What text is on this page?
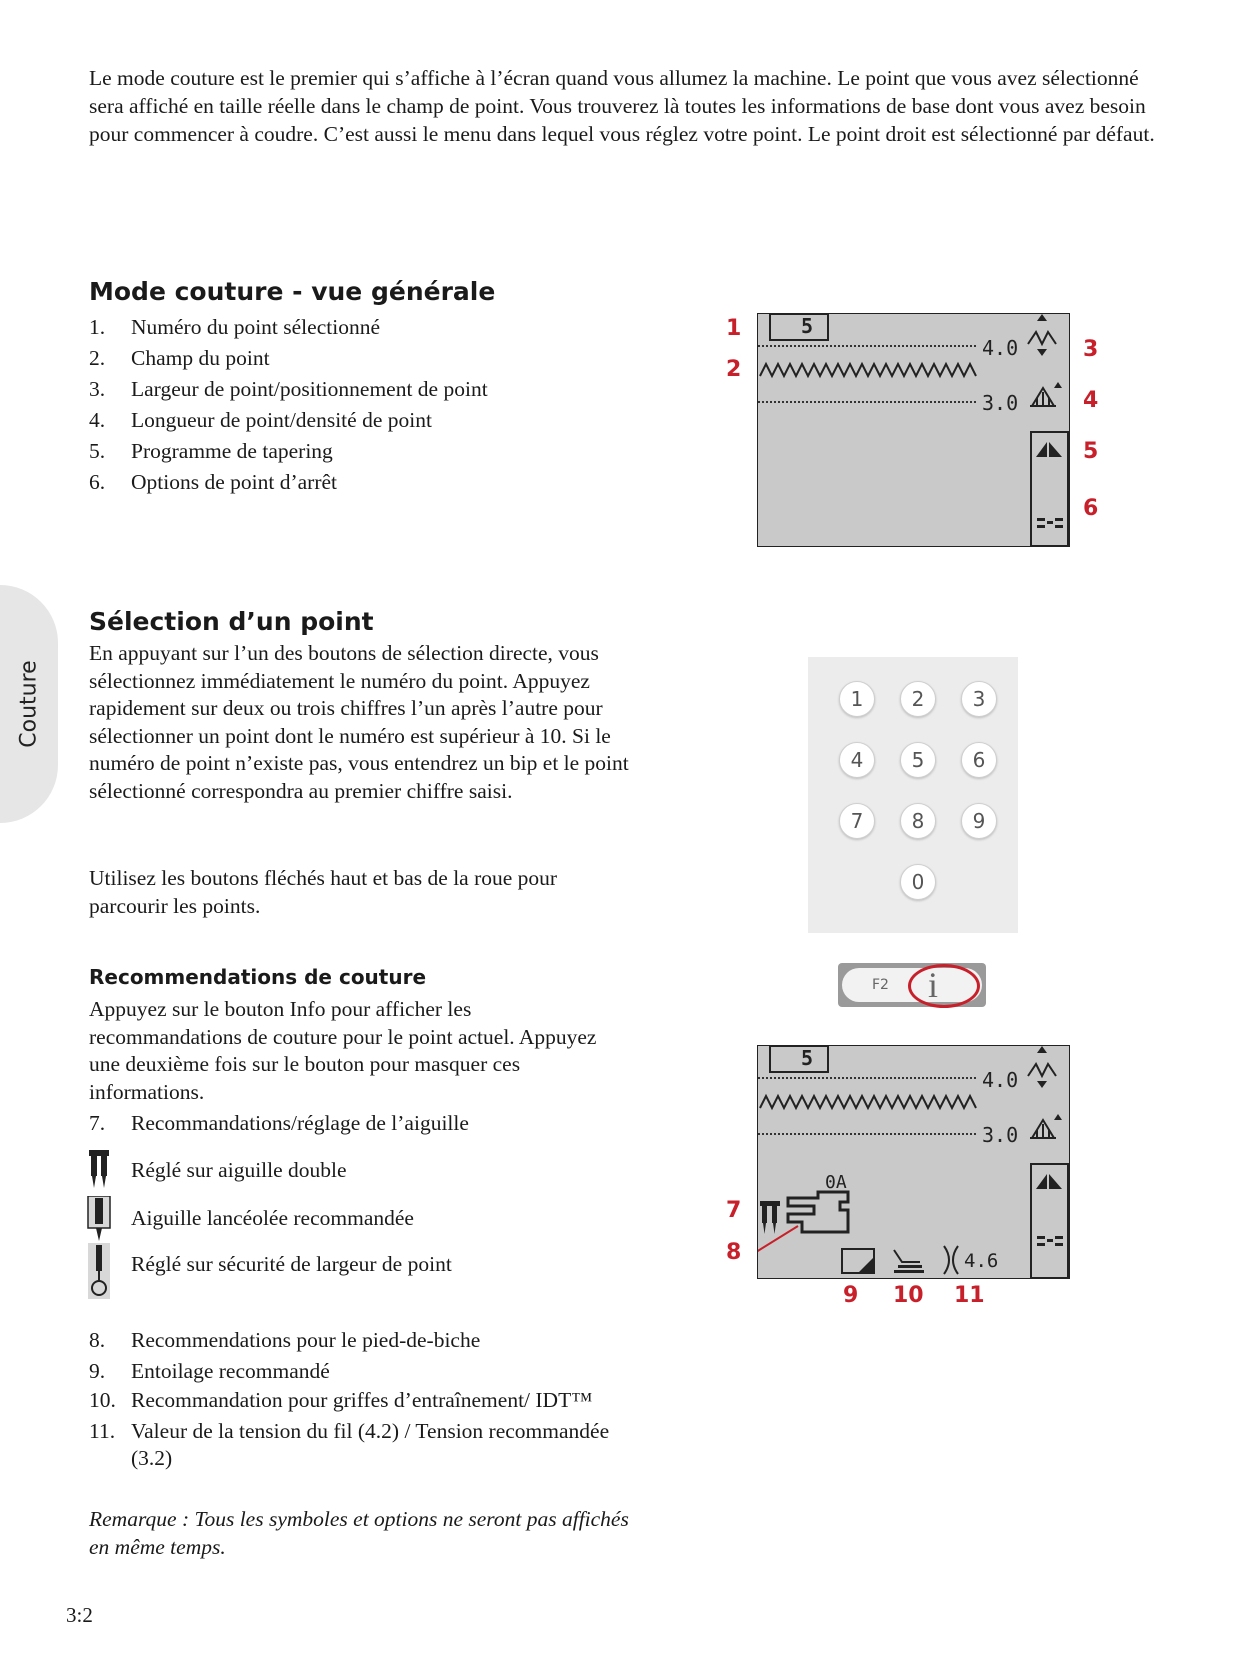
Le mode couture est le premier qui s’affiche à l’écran quand vous allumez la machine. Le point que vous avez sélectionné sera affiché en taille réelle dans le champ de point. Vous trouverez là toutes les informations de base dont vous avez besoin pour commencer à coudre. C’est aussi le menu dans lequel vous réglez votre point. Le point droit est sélectionné par défaut.

Couture
Mode couture - vue générale
1. Numéro du point sélectionné
2. Champ du point
3. Largeur de point/positionnement de point
4. Longueur de point/densité de point
5. Programme de tapering
6. Options de point d’arrêt
5
4.0
3.0
1
2
3
4
5
6
Sélection d’un point

En appuyant sur l’un des boutons de sélection directe, vous sélectionnez immédiatement le numéro du point. Appuyez rapidement sur deux ou trois chiffres l’un après l’autre pour sélectionner un point dont le numéro est supérieur à 10. Si le numéro de point n’existe pas, vous entendrez un bip et le point sélectionné correspondra au premier chiffre saisi.

Utilisez les boutons fléchés haut et bas de la roue pour parcourir les points.

1	2	3
4	5	6
7	8	9
0
Recommendations de couture

Appuyez sur le bouton Info pour afficher les recommandations de couture pour le point actuel. Appuyez une deuxième fois sur le bouton pour masquer ces informations.

7. Recommandations/réglage de l’aiguille
Réglé sur aiguille double
Aiguille lancéolée recommandée
Réglé sur sécurité de largeur de point
8. Recommendations pour le pied-de-biche
9. Entoilage recommandé
10. Recommandation pour griffes d’entraînement/ IDT™
11. Valeur de la tension du fil (4.2) / Tension recommandée (3.2)

Remarque : Tous les symboles et options ne seront pas affichés en même temps.

F2 i
5
4.0
3.0
0A
4.6
7
8
9 10 11
3:2
